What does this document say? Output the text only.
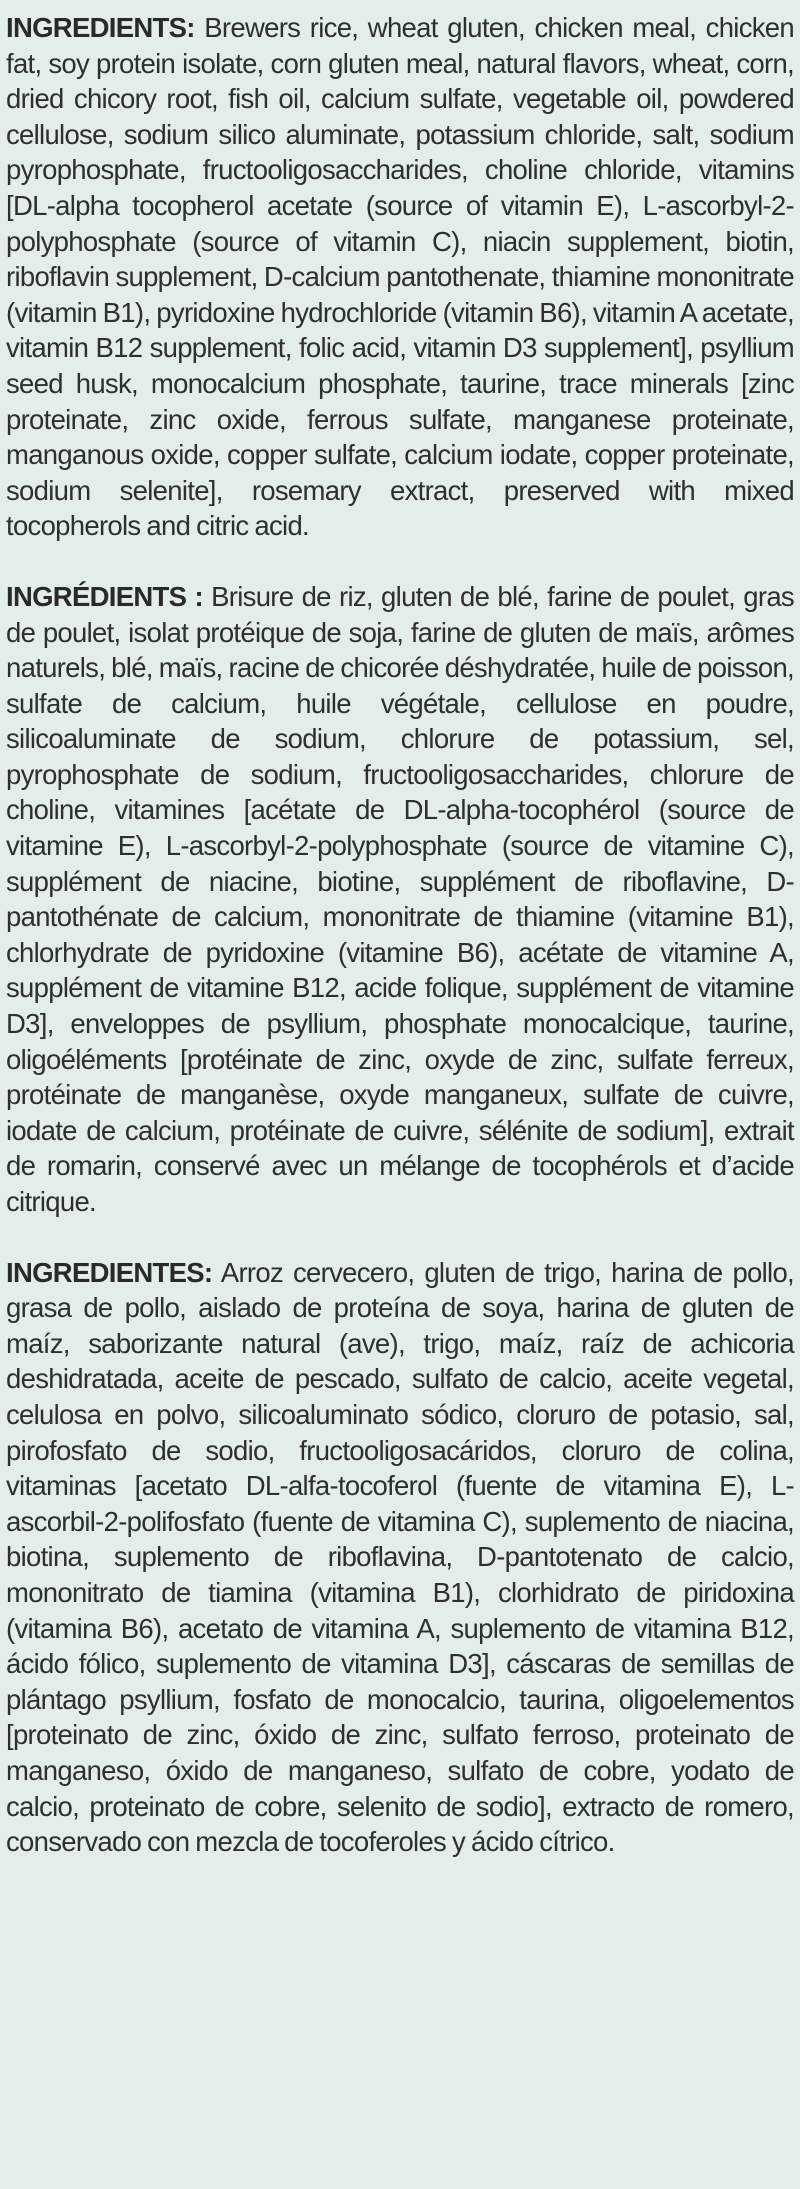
INGREDIENTS: Brewers rice, wheat gluten, chicken meal, chicken fat, soy protein isolate, corn gluten meal, natural flavors, wheat, corn, dried chicory root, fish oil, calcium sulfate, vegetable oil, powdered cellulose, sodium silico aluminate, potassium chloride, salt, sodium pyrophosphate, fructooligosaccharides, choline chloride, vitamins [DL-alpha tocopherol acetate (source of vitamin E), L-ascorbyl-2-polyphosphate (source of vitamin C), niacin supplement, biotin, riboflavin supplement, D-calcium pantothenate, thiamine mononitrate (vitamin B1), pyridoxine hydrochloride (vitamin B6), vitamin A acetate, vitamin B12 supplement, folic acid, vitamin D3 supplement], psyllium seed husk, monocalcium phosphate, taurine, trace minerals [zinc proteinate, zinc oxide, ferrous sulfate, manganese proteinate, manganous oxide, copper sulfate, calcium iodate, copper proteinate, sodium selenite], rosemary extract, preserved with mixed tocopherols and citric acid.

INGRÉDIENTS : Brisure de riz, gluten de blé, farine de poulet, gras de poulet, isolat protéique de soja, farine de gluten de maïs, arômes naturels, blé, maïs, racine de chicorée déshydratée, huile de poisson, sulfate de calcium, huile végétale, cellulose en poudre, silicoaluminate de sodium, chlorure de potassium, sel, pyrophosphate de sodium, fructooligosaccharides, chlorure de choline, vitamines [acétate de DL-alpha-tocophérol (source de vitamine E), L-ascorbyl-2-polyphosphate (source de vitamine C), supplément de niacine, biotine, supplément de riboflavine, D-pantothénate de calcium, mononitrate de thiamine (vitamine B1), chlorhydrate de pyridoxine (vitamine B6), acétate de vitamine A, supplément de vitamine B12, acide folique, supplément de vitamine D3], enveloppes de psyllium, phosphate monocalcique, taurine, oligoéléments [protéinate de zinc, oxyde de zinc, sulfate ferreux, protéinate de manganèse, oxyde manganeux, sulfate de cuivre, iodate de calcium, protéinate de cuivre, sélénite de sodium], extrait de romarin, conservé avec un mélange de tocophérols et d’acide citrique.

INGREDIENTES: Arroz cervecero, gluten de trigo, harina de pollo, grasa de pollo, aislado de proteína de soya, harina de gluten de maíz, saborizante natural (ave), trigo, maíz, raíz de achicoria deshidratada, aceite de pescado, sulfato de calcio, aceite vegetal, celulosa en polvo, silicoaluminato sódico, cloruro de potasio, sal, pirofosfato de sodio, fructooligosacáridos, cloruro de colina, vitaminas [acetato DL-alfa-tocoferol (fuente de vitamina E), L-ascorbil-2-polifosfato (fuente de vitamina C), suplemento de niacina, biotina, suplemento de riboflavina, D-pantotenato de calcio, mononitrato de tiamina (vitamina B1), clorhidrato de piridoxina (vitamina B6), acetato de vitamina A, suplemento de vitamina B12, ácido fólico, suplemento de vitamina D3], cáscaras de semillas de plántago psyllium, fosfato de monocalcio, taurina, oligoelementos [proteinato de zinc, óxido de zinc, sulfato ferroso, proteinato de manganeso, óxido de manganeso, sulfato de cobre, yodato de calcio, proteinato de cobre, selenito de sodio], extracto de romero, conservado con mezcla de tocoferoles y ácido cítrico.
